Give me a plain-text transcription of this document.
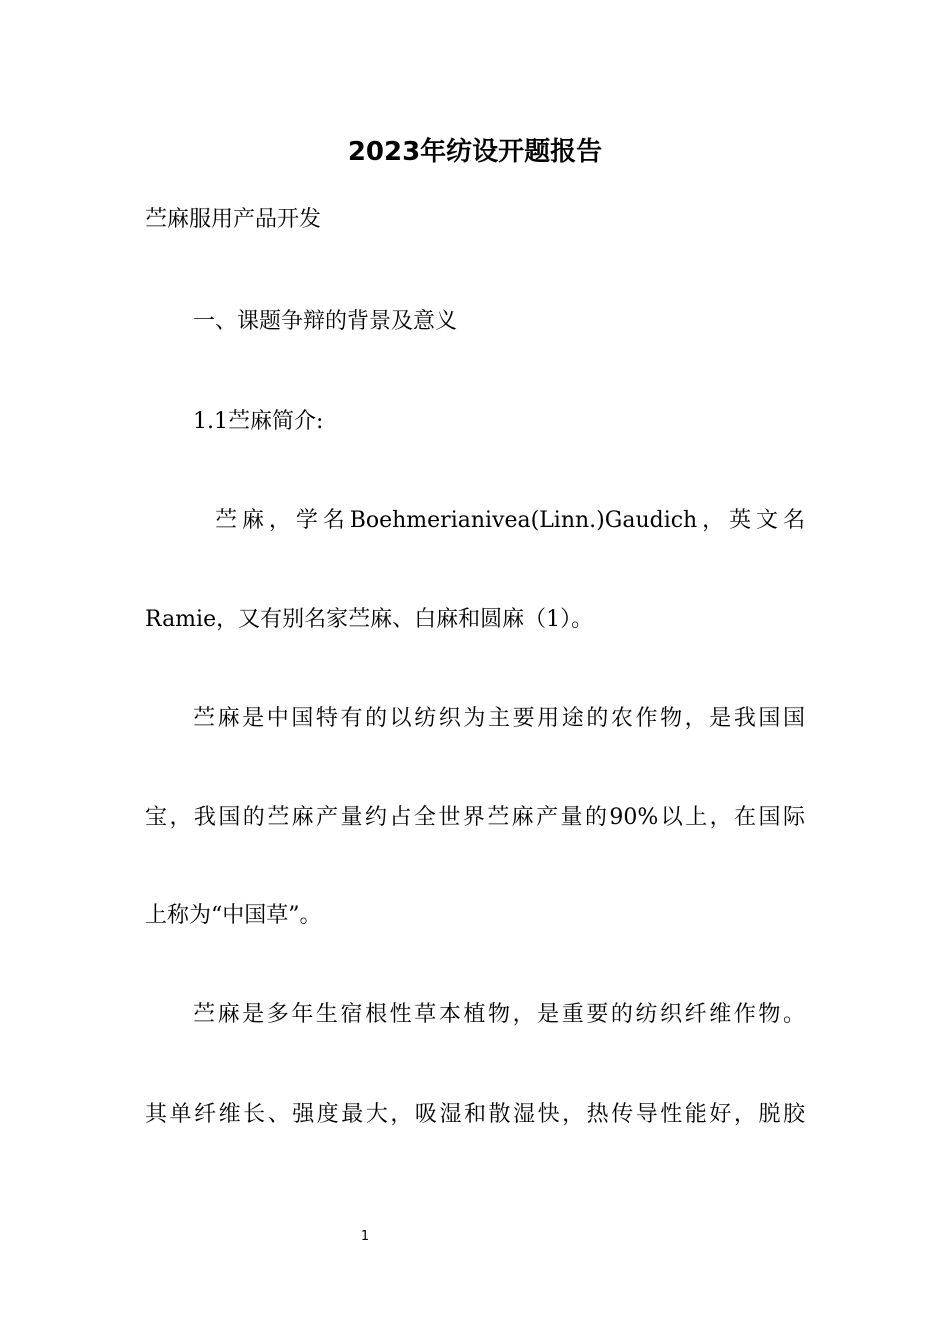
2023年纺设开题报告

苎麻服用产品开发

一、课题争辩的背景及意义

1.1苎麻简介:

苎麻，学名Boehmerianivea(Linn.)Gaudich，英文名

Ramie，又有别名家苎麻、白麻和圆麻（1）。

苎麻是中国特有的以纺织为主要用途的农作物，是我国国

宝，我国的苎麻产量约占全世界苎麻产量的90%以上，在国际

上称为“中国草”。

苎麻是多年生宿根性草本植物，是重要的纺织纤维作物。

其单纤维长、强度最大，吸湿和散湿快，热传导性能好，脱胶

1
